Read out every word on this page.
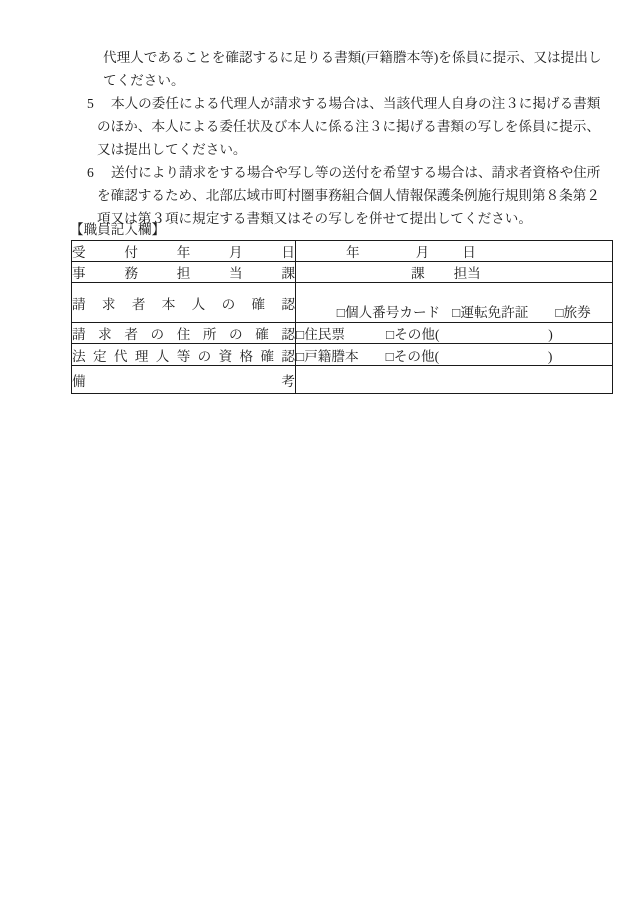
代理人であることを確認するに足りる書類(戸籍謄本等)を係員に提示、又は提出し
てください。
5 本人の委任による代理人が請求する場合は、当該代理人自身の注３に掲げる書類
のほか、本人による委任状及び本人に係る注３に掲げる書類の写しを係員に提示、
又は提出してください。
6 送付により請求をする場合や写し等の送付を希望する場合は、請求者資格や住所
を確認するため、北部広域市町村圏事務組合個人情報保護条例施行規則第８条第２
項又は第３項に規定する書類又はその写しを併せて提出してください。
【職員記入欄】
受付年月日	年 月 日
事務担当課	課 担当
請求者本人の確認	□個人番号カード □運転免許証 □旅券

請求者の住所の確認	□住民票 □その他(　　　　　　　　)
法定代理人等の資格確認	□戸籍謄本 □その他(　　　　　　　　)
備考	
